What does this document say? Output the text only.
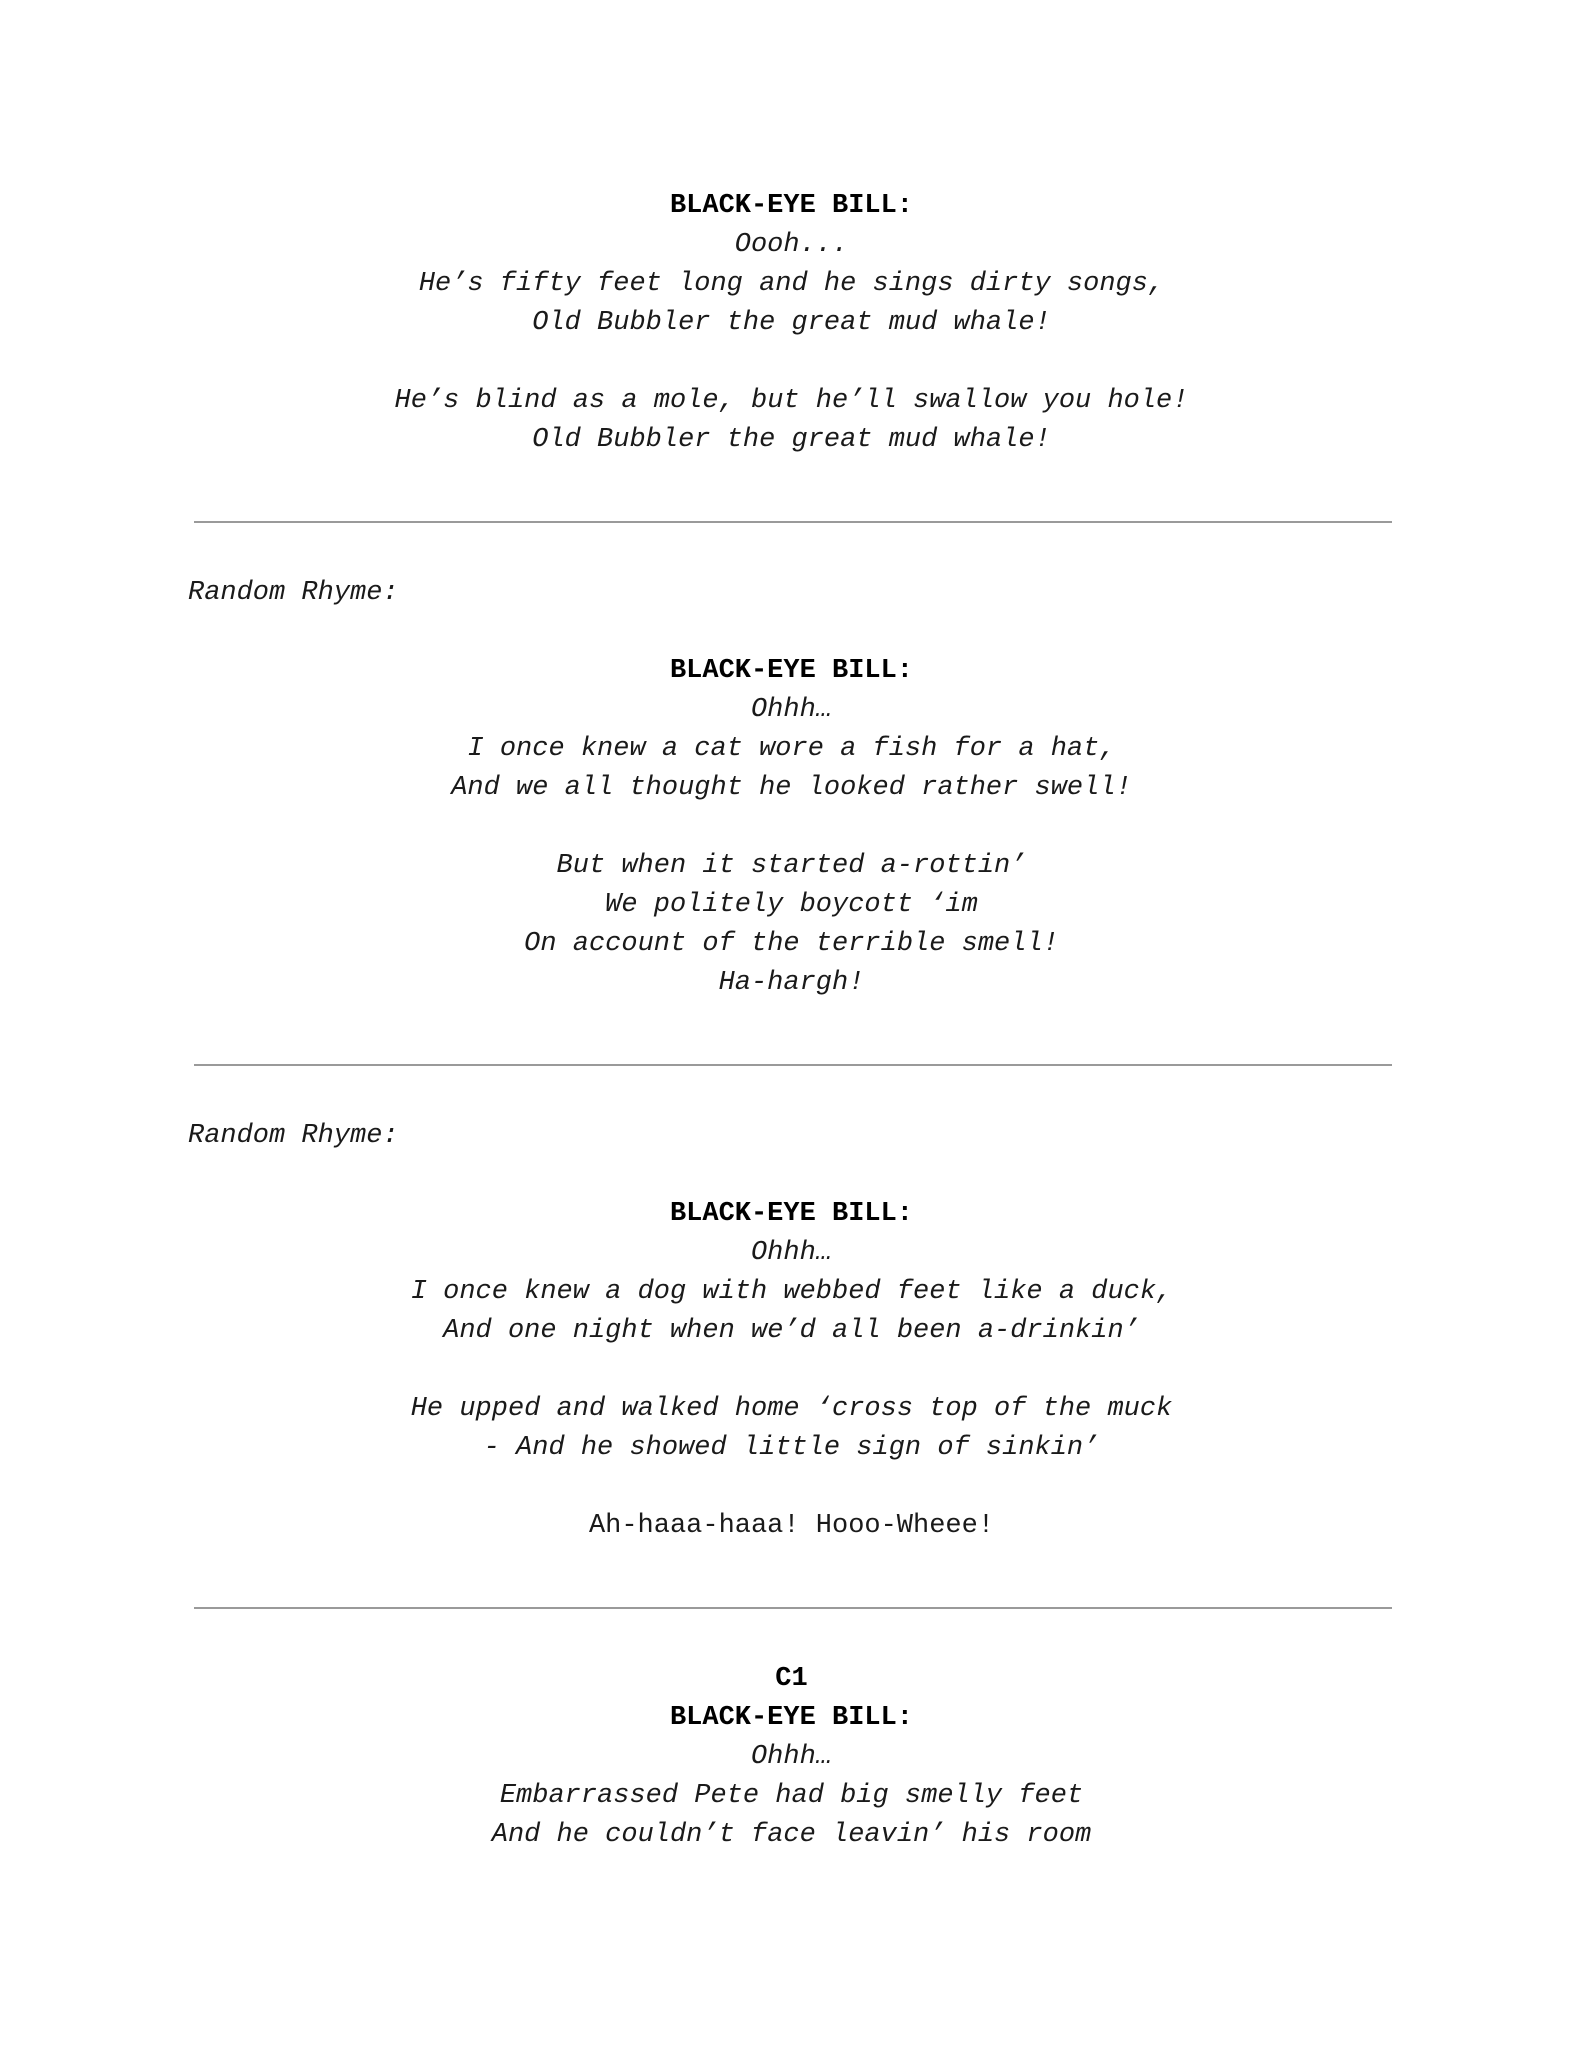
BLACK-EYE BILL:
Oooh...
He’s fifty feet long and he sings dirty songs,
Old Bubbler the great mud whale!
He’s blind as a mole, but he’ll swallow you hole!
Old Bubbler the great mud whale!
Random Rhyme:
BLACK-EYE BILL:
Ohhh…
I once knew a cat wore a fish for a hat,
And we all thought he looked rather swell!
But when it started a-rottin’
We politely boycott ‘im
On account of the terrible smell!
Ha-hargh!
Random Rhyme:
BLACK-EYE BILL:
Ohhh…
I once knew a dog with webbed feet like a duck,
And one night when we’d all been a-drinkin’
He upped and walked home ‘cross top of the muck
- And he showed little sign of sinkin’
Ah-haaa-haaa! Hooo-Wheee!
C1
BLACK-EYE BILL:
Ohhh…
Embarrassed Pete had big smelly feet
And he couldn’t face leavin’ his room
